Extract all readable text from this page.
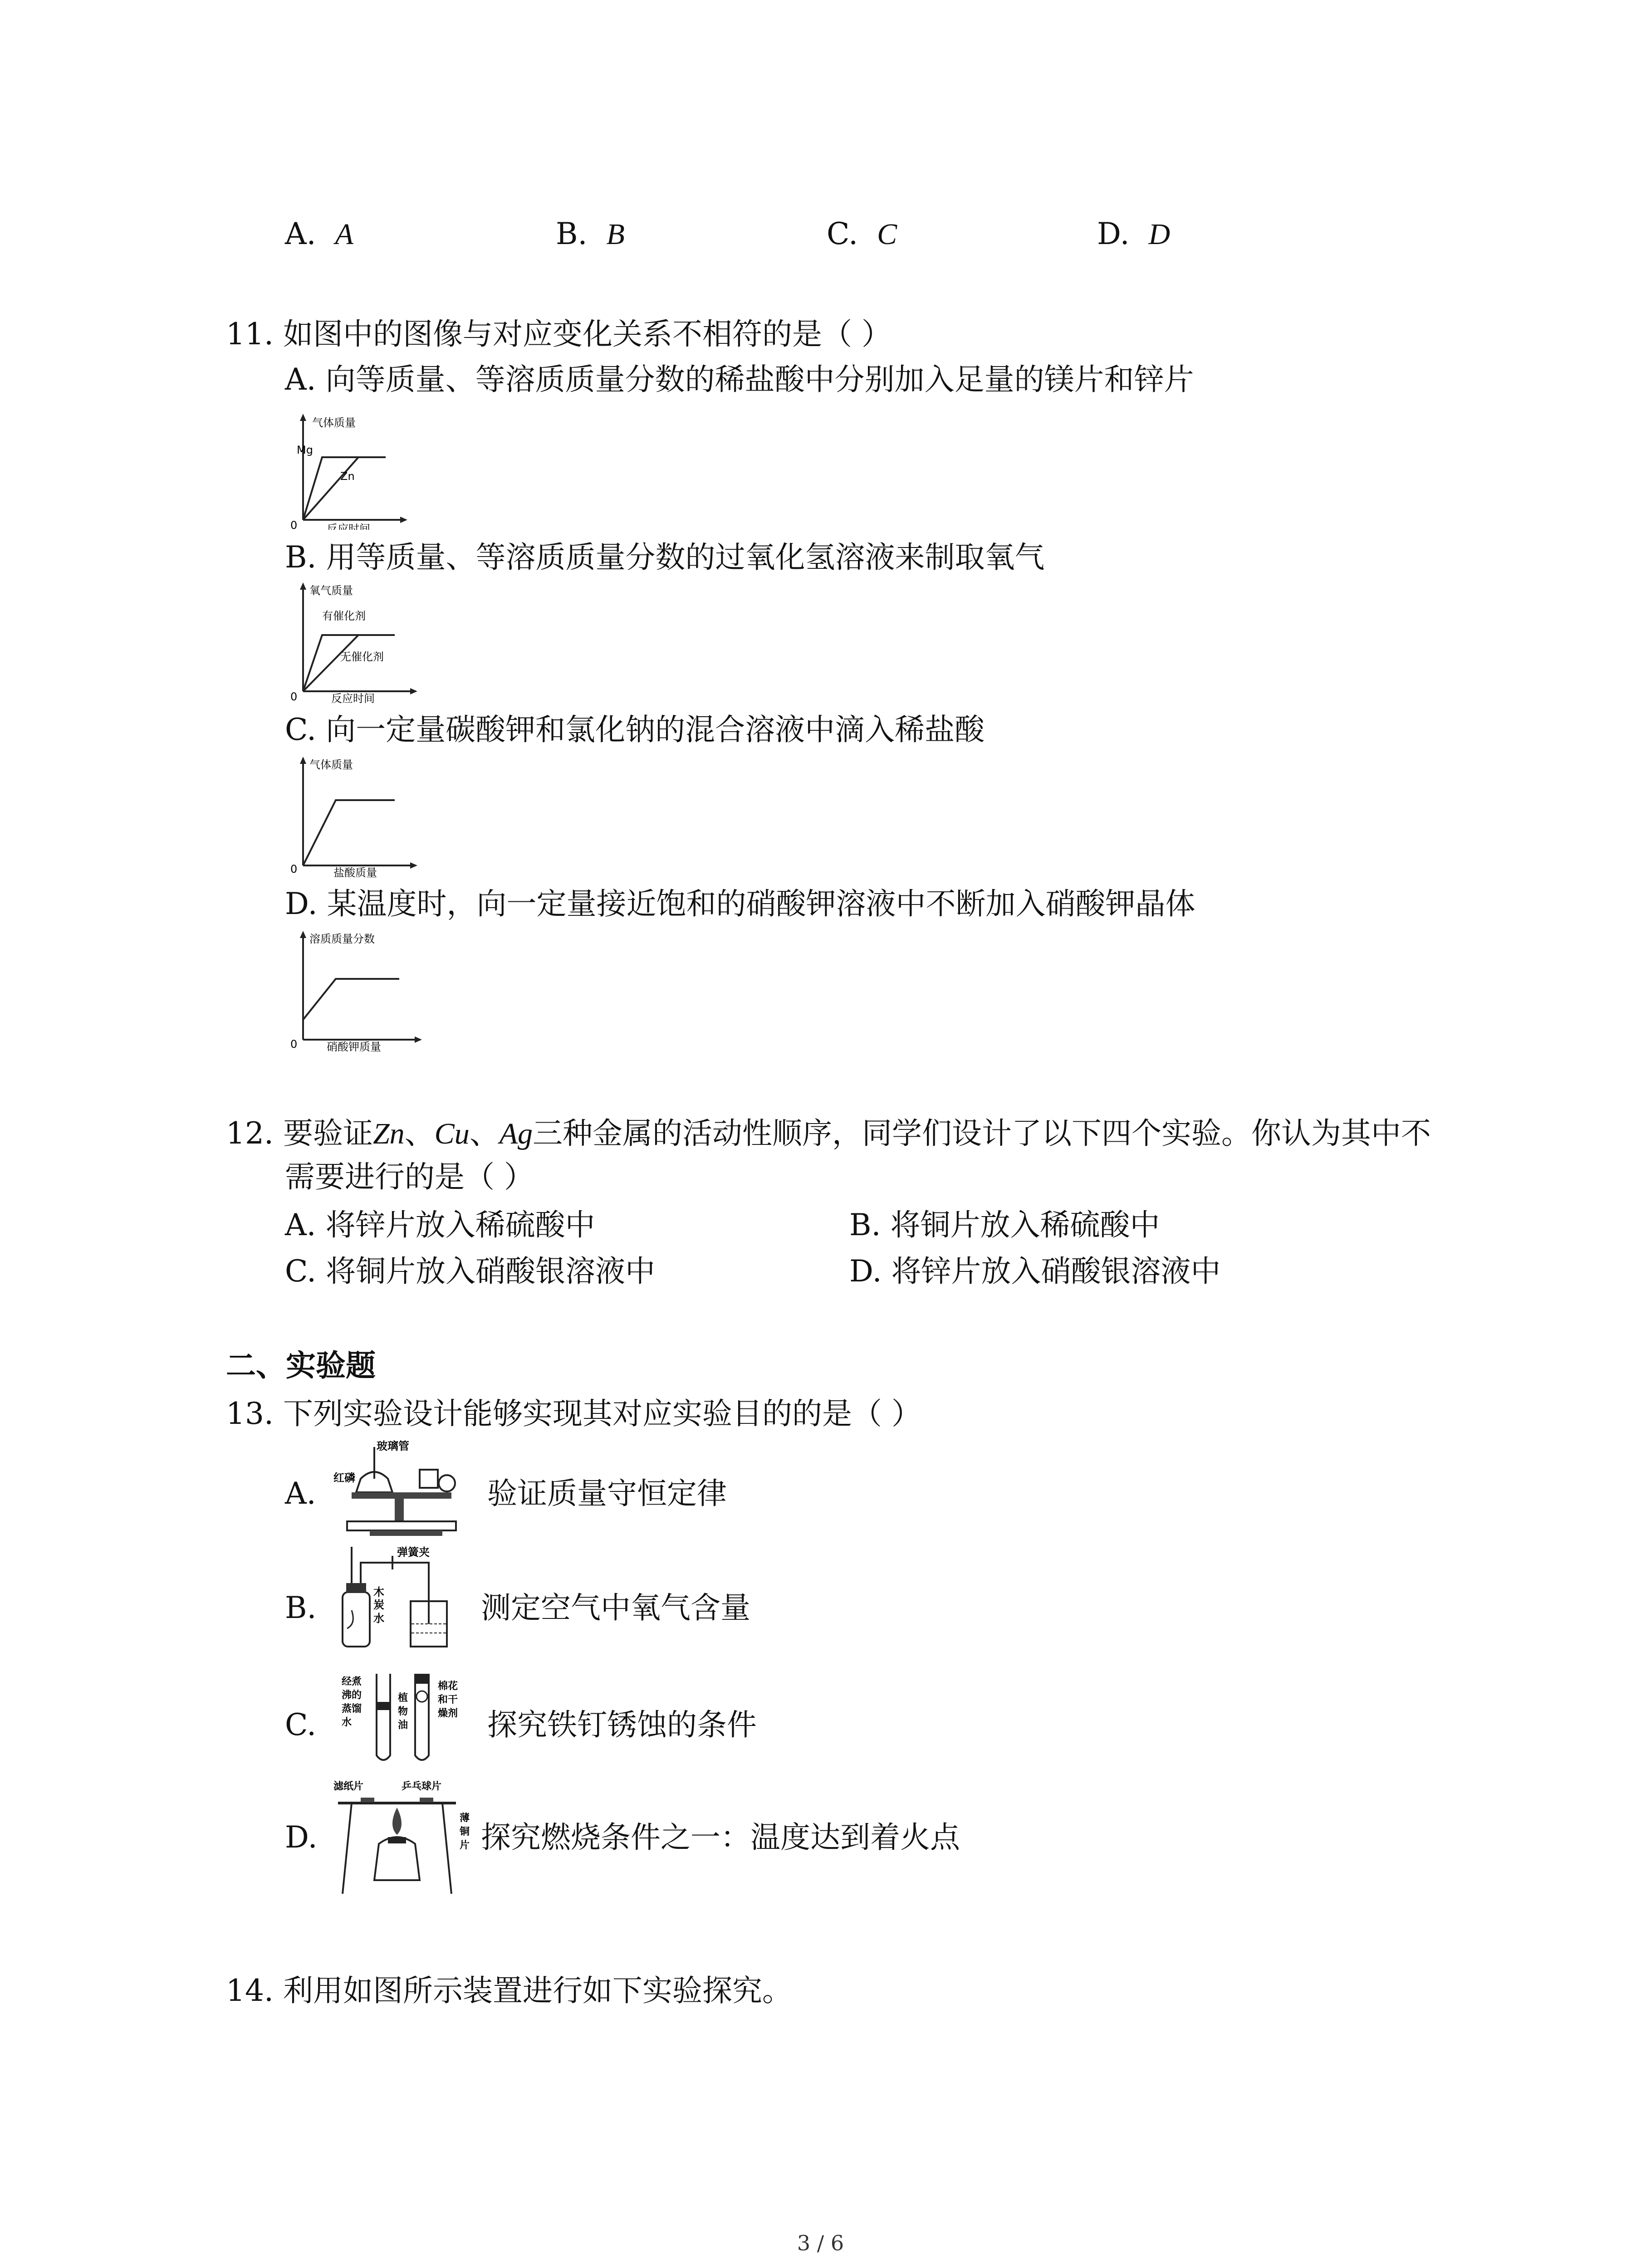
A. A	B. B	C. C	D. D
11. 如图中的图像与对应变化关系不相符的是（ ）
A. 向等质量、等溶质质量分数的稀盐酸中分别加入足量的镁片和锌片
气体质量
反应时间
0
Mg
Zn
B. 用等质量、等溶质质量分数的过氧化氢溶液来制取氧气
氧气质量
反应时间
0
有催化剂
无催化剂
C. 向一定量碳酸钾和氯化钠的混合溶液中滴入稀盐酸
气体质量
盐酸质量
0
D. 某温度时，向一定量接近饱和的硝酸钾溶液中不断加入硝酸钾晶体
溶质质量分数
硝酸钾质量
0
12. 要验证Zn、Cu、Ag三种金属的活动性顺序，同学们设计了以下四个实验。你认为其中不
需要进行的是（ ）
A. 将锌片放入稀硫酸中	B. 将铜片放入稀硫酸中
C. 将铜片放入硝酸银溶液中	D. 将锌片放入硝酸银溶液中
二、实验题
13. 下列实验设计能够实现其对应实验目的的是（ ）
A.
玻璃管
红磷	验证质量守恒定律
B.
弹簧夹
木
炭
水	测定空气中氧气含量
C.
经煮
沸的
蒸馏
水
植
物
油
棉花
和干
燥剂 探究铁钉锈蚀的条件
D.
滤纸片	乒乓球片
薄
铜
片 探究燃烧条件之一：温度达到着火点
14. 利用如图所示装置进行如下实验探究。
3 / 6
